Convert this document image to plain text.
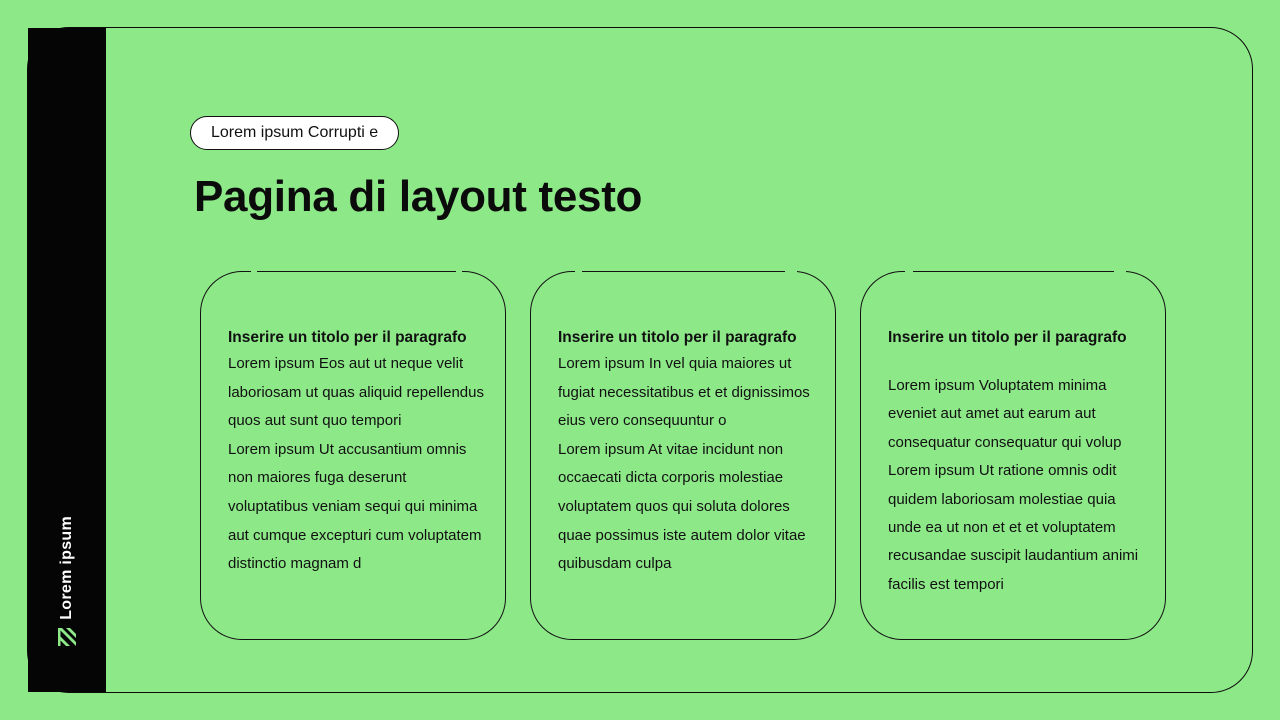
Lorem ipsum
Lorem ipsum Corrupti e
Pagina di layout testo
Inserire un titolo per il paragrafo

Lorem ipsum Eos aut ut neque velit laboriosam ut quas aliquid repellendus quos aut sunt quo tempori

Lorem ipsum Ut accusantium omnis non maiores fuga deserunt voluptatibus veniam sequi qui minima aut cumque excepturi cum voluptatem distinctio magnam d

Inserire un titolo per il paragrafo

Lorem ipsum In vel quia maiores ut fugiat necessitatibus et et dignissimos eius vero consequuntur o

Lorem ipsum At vitae incidunt non occaecati dicta corporis molestiae voluptatem quos qui soluta dolores quae possimus iste autem dolor vitae quibusdam culpa

Inserire un titolo per il paragrafo

Lorem ipsum Voluptatem minima eveniet aut amet aut earum aut consequatur consequatur qui volup

Lorem ipsum Ut ratione omnis odit quidem laboriosam molestiae quia unde ea ut non et et et voluptatem recusandae suscipit laudantium animi facilis est tempori
